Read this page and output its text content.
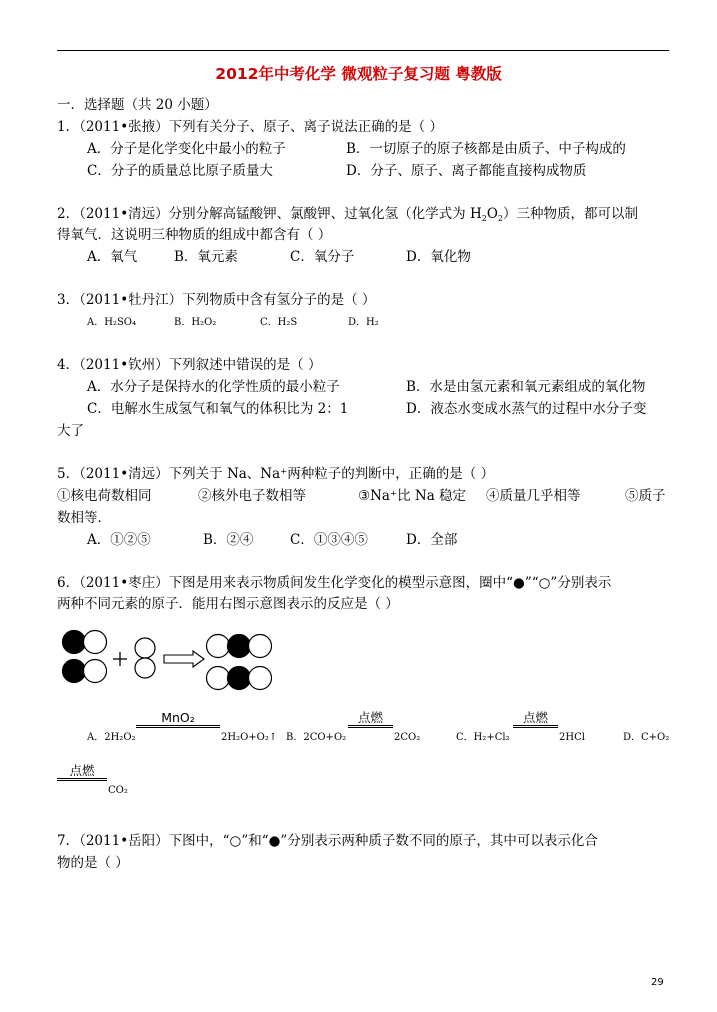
2012年中考化学 微观粒子复习题 粤教版
一．选择题（共 20 小题）
1．（2011•张掖）下列有关分子、原子、离子说法正确的是（ ）
A．分子是化学变化中最小的粒子	B．一切原子的原子核都是由质子、中子构成的
C．分子的质量总比原子质量大	D．分子、原子、离子都能直接构成物质
2．（2011•清远）分别分解高锰酸钾、氯酸钾、过氧化氢（化学式为 $H_2O_2$）三种物质，都可以制
得氧气．这说明三种物质的组成中都含有（ ）
A．氧气	B．氧元素	C．氧分子	D．氧化物
3．（2011•牡丹江）下列物质中含有氢分子的是（ ）
A．H₂SO₄	B．H₂O₂	C．H₂S	D．H₂
4．（2011•钦州）下列叙述中错误的是（ ）
A．水分子是保持水的化学性质的最小粒子	B．水是由氢元素和氧元素组成的氧化物
C．电解水生成氢气和氧气的体积比为 2：1	D．液态水变成水蒸气的过程中水分子变
大了
5．（2011•清远）下列关于 Na、Na⁺两种粒子的判断中，正确的是（ ）
①核电荷数相同	②核外电子数相等	③Na⁺比 Na 稳定 ④质量几乎相等	⑤质子
数相等．
A．①②⑤	B．②④	C．①③④⑤	D．全部
6．（2011•枣庄）下图是用来表示物质间发生化学变化的模型示意图，圈中“●”“○”分别表示
两种不同元素的原子．能用右图示意图表示的反应是（ ）
A．2H₂O₂
MnO₂
2H₂O+O₂↑ B．2CO+O₂
点燃
2CO₂	C．H₂+Cl₂
点燃
2HCl	D．C+O₂
点燃
CO₂
7．（2011•岳阳）下图中，“○”和“●”分别表示两种质子数不同的原子，其中可以表示化合
物的是（ ）
29
